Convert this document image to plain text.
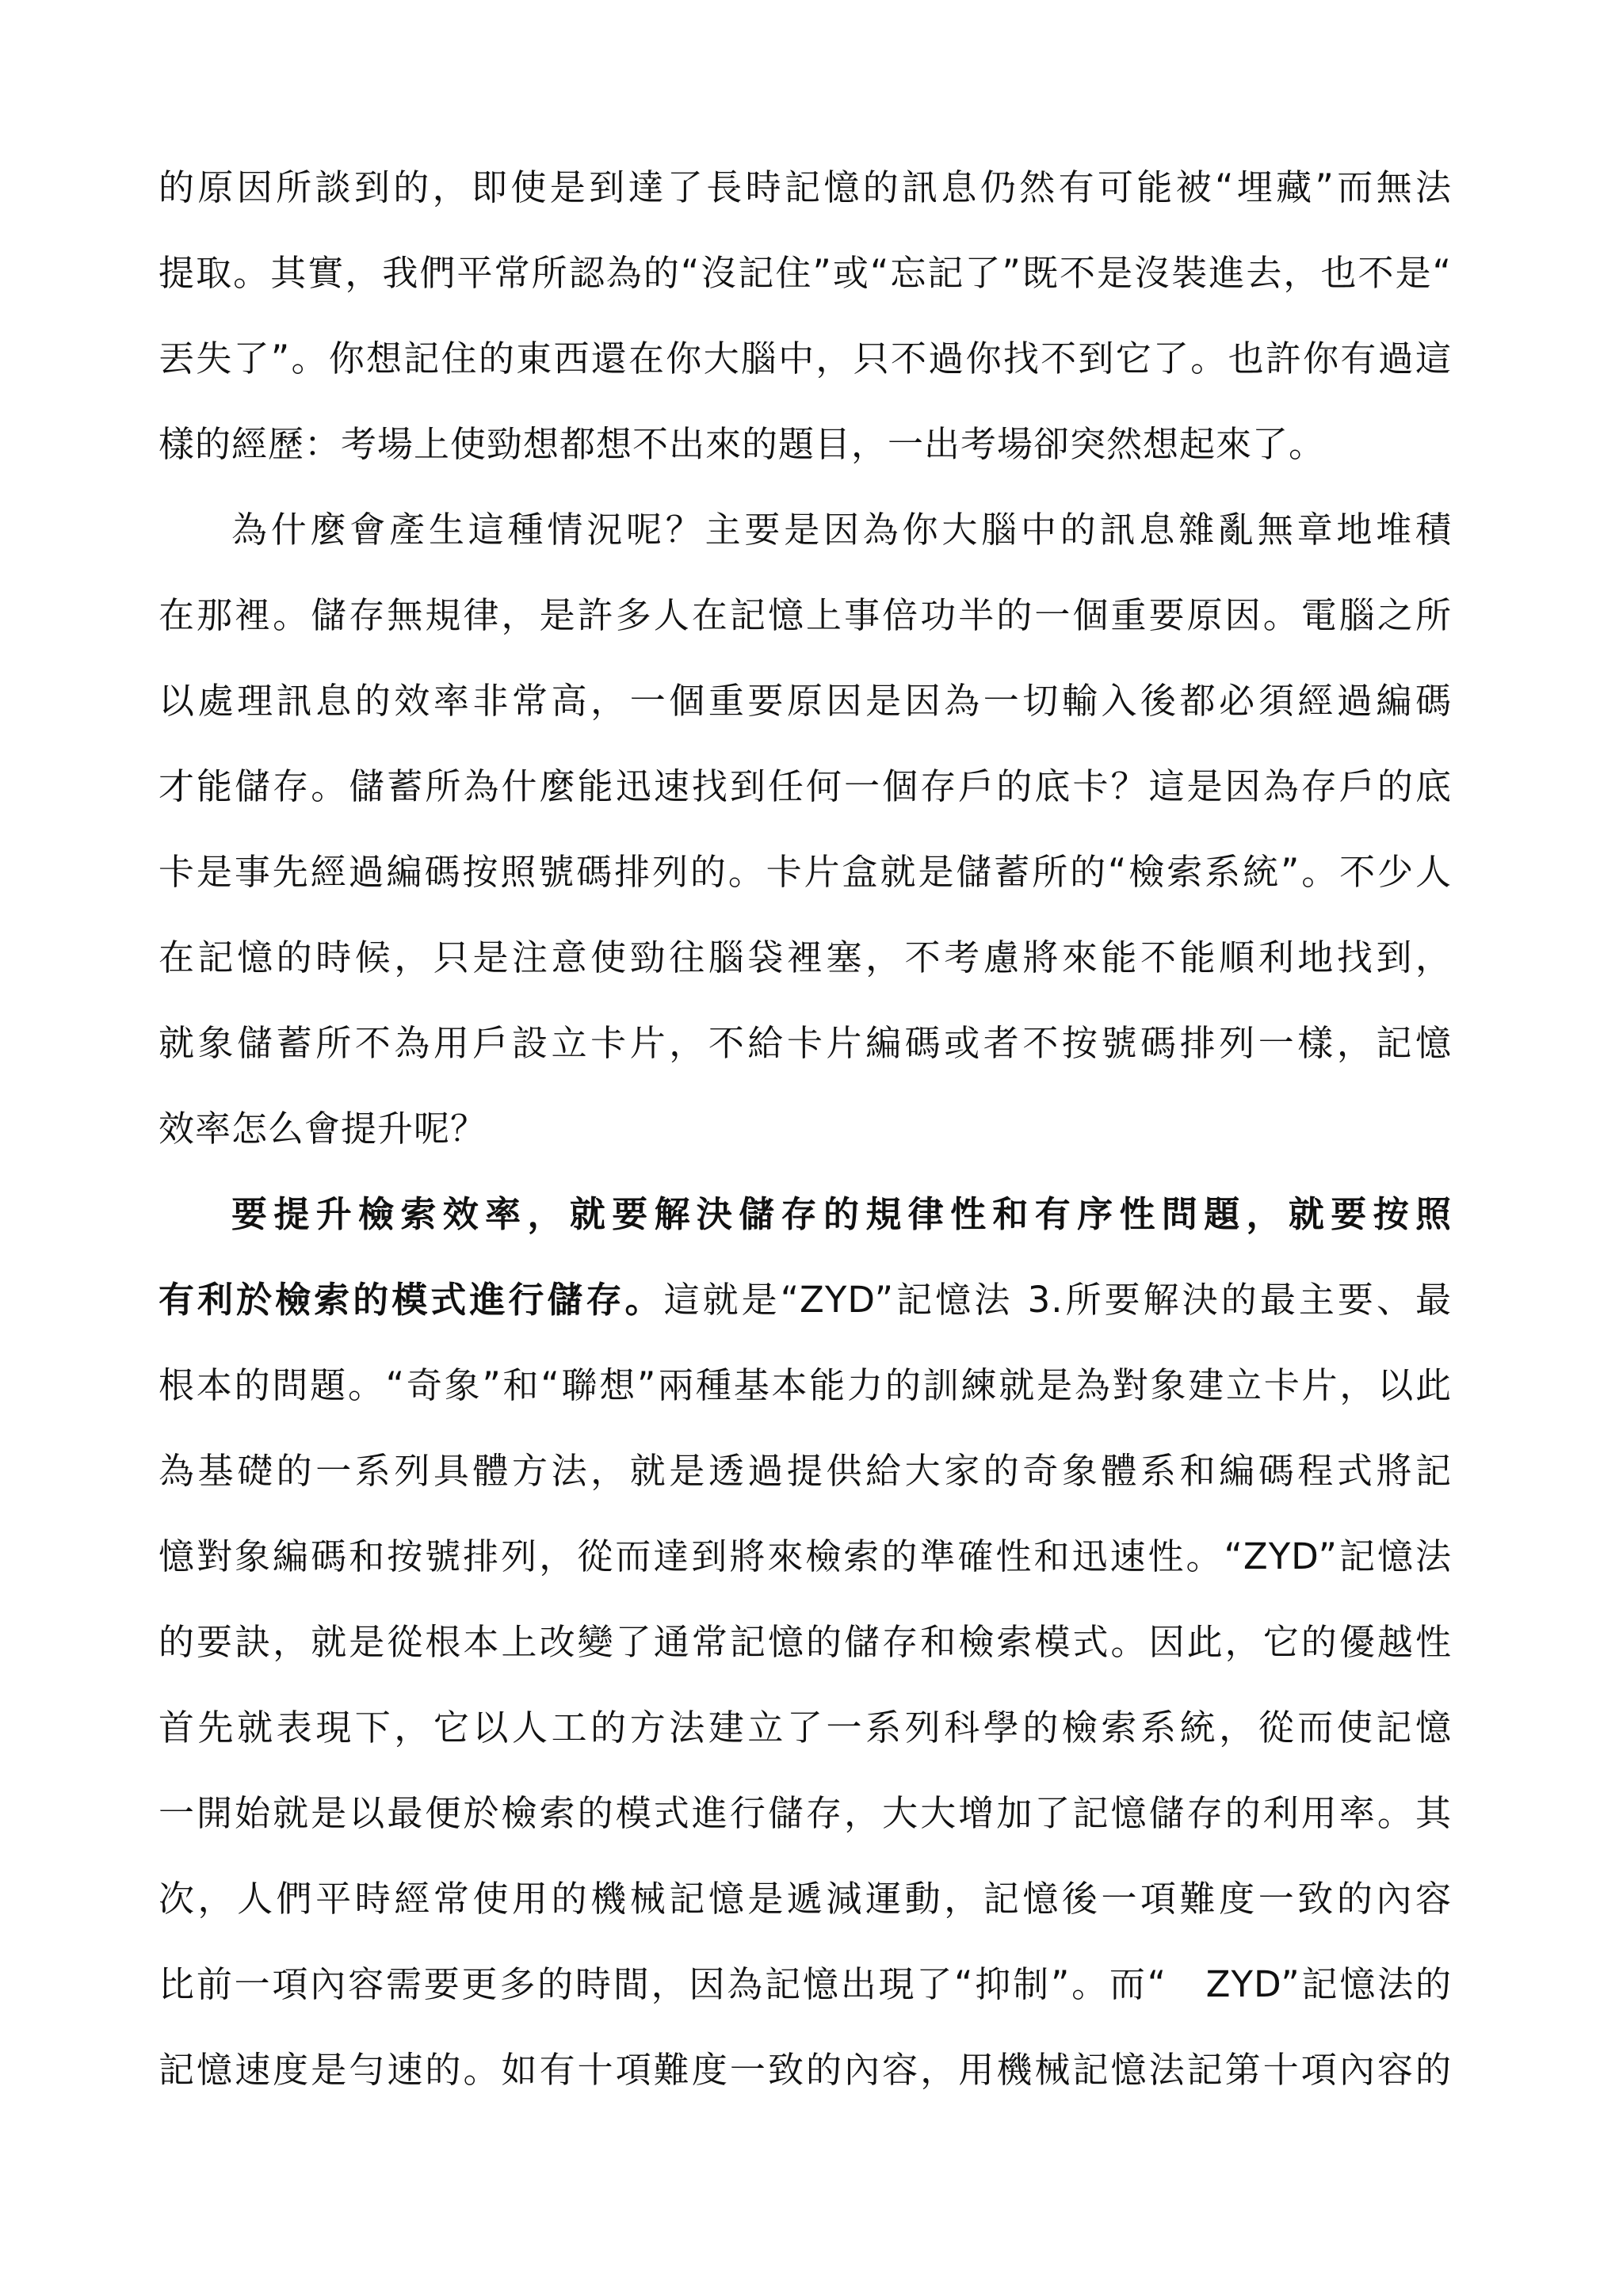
的原因所談到的，即使是到達了長時記憶的訊息仍然有可能被“埋藏”而無法
提取。其實，我們平常所認為的“沒記住”或“忘記了”既不是沒裝進去，也不是“
丟失了”。你想記住的東西還在你大腦中，只不過你找不到它了。也許你有過這
樣的經歷：考場上使勁想都想不出來的題目，一出考場卻突然想起來了。
為什麼會產生這種情況呢？主要是因為你大腦中的訊息雜亂無章地堆積
在那裡。儲存無規律，是許多人在記憶上事倍功半的一個重要原因。電腦之所
以處理訊息的效率非常高，一個重要原因是因為一切輸入後都必須經過編碼
才能儲存。儲蓄所為什麼能迅速找到任何一個存戶的底卡？這是因為存戶的底
卡是事先經過編碼按照號碼排列的。卡片盒就是儲蓄所的“檢索系統”。不少人
在記憶的時候，只是注意使勁往腦袋裡塞，不考慮將來能不能順利地找到，
就象儲蓄所不為用戶設立卡片，不給卡片編碼或者不按號碼排列一樣，記憶
效率怎么會提升呢？
要提升檢索效率，就要解決儲存的規律性和有序性問題，就要按照
有利於檢索的模式進行儲存。這就是“ZYD”記憶法 3.所要解決的最主要、最
根本的問題。“奇象”和“聯想”兩種基本能力的訓練就是為對象建立卡片，以此
為基礎的一系列具體方法，就是透過提供給大家的奇象體系和編碼程式將記
憶對象編碼和按號排列，從而達到將來檢索的準確性和迅速性。“ZYD”記憶法
的要訣，就是從根本上改變了通常記憶的儲存和檢索模式。因此，它的優越性
首先就表現下，它以人工的方法建立了一系列科學的檢索系統，從而使記憶
一開始就是以最便於檢索的模式進行儲存，大大增加了記憶儲存的利用率。其
次，人們平時經常使用的機械記憶是遞減運動，記憶後一項難度一致的內容
比前一項內容需要更多的時間，因為記憶出現了“抑制”。而“　ZYD”記憶法的
記憶速度是勻速的。如有十項難度一致的內容，用機械記憶法記第十項內容的
